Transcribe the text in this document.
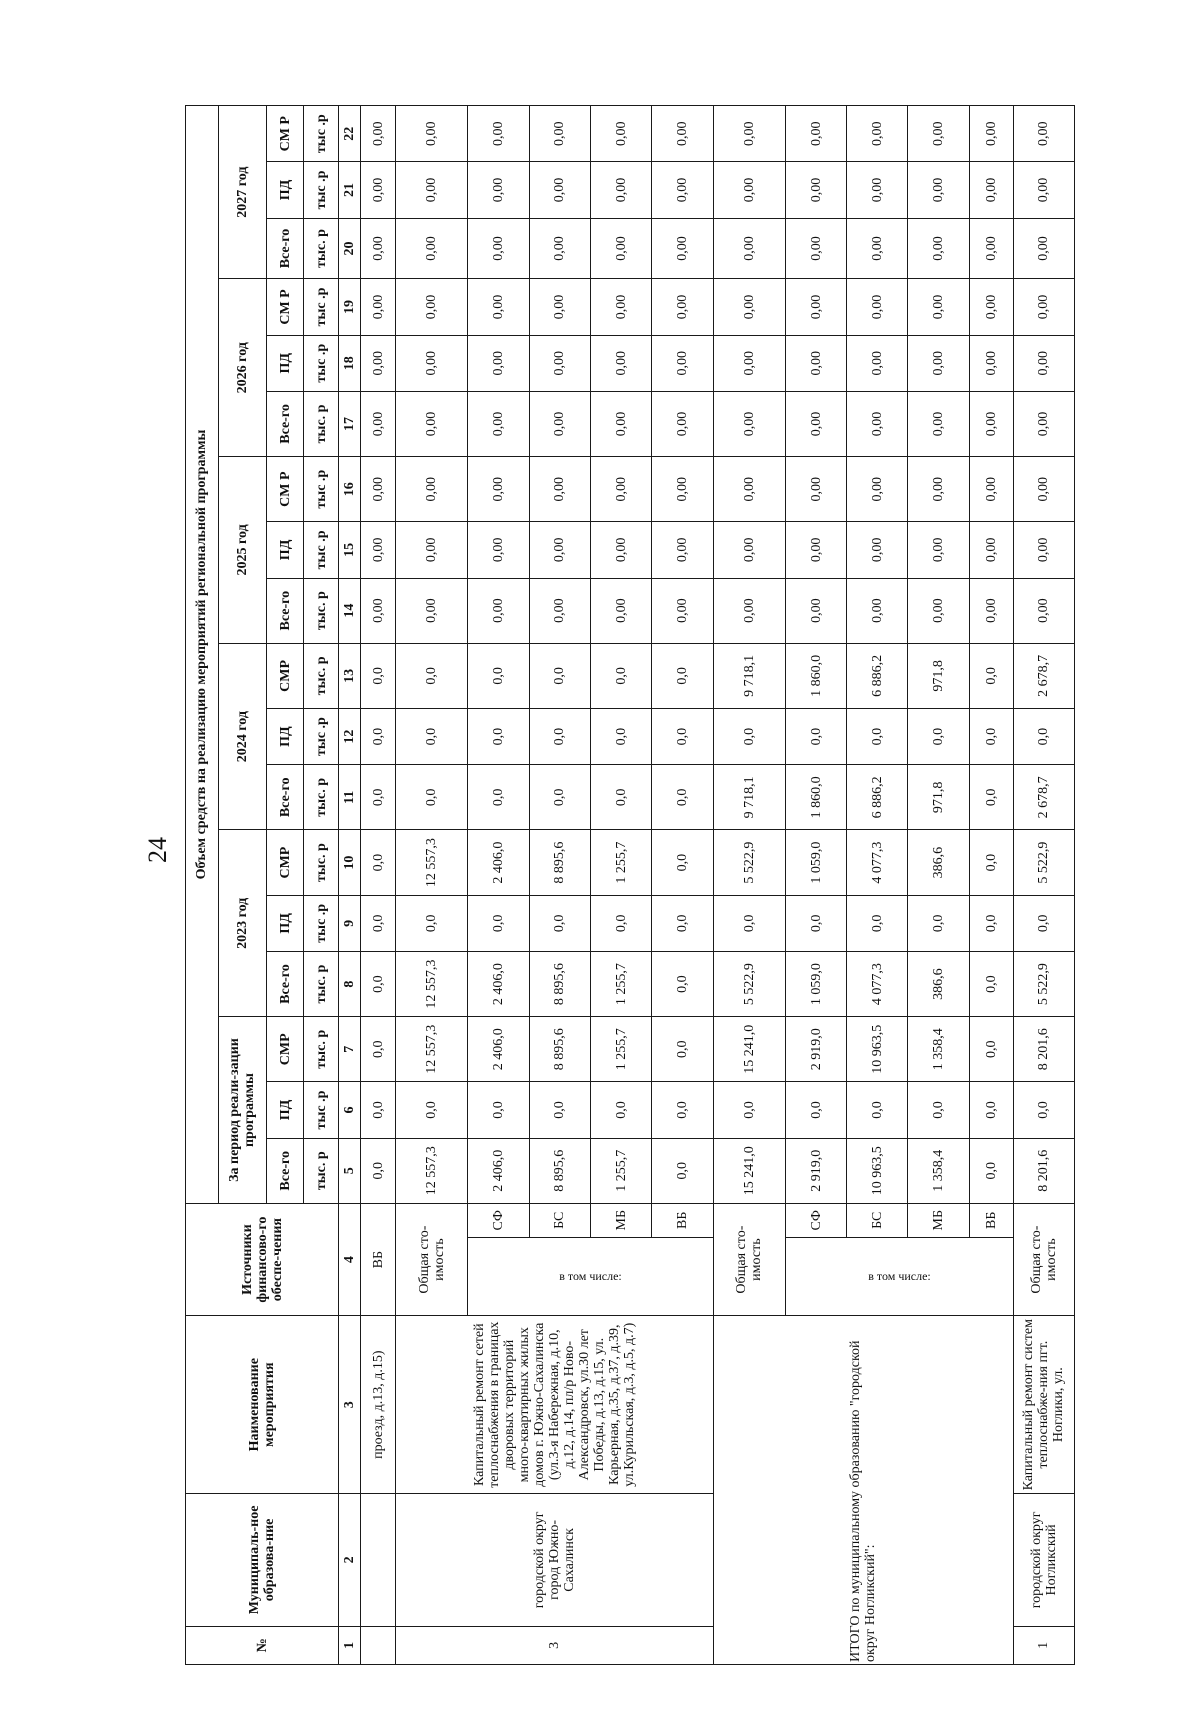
24
№	Муниципаль-ное образова-ние	Наименование мероприятия	Источники финансово-го обеспе-чения		Объем средств на реализацию мероприятий региональной программы																	
					За период реали-зации программы			2023 год			2024 год			2025 год			2026 год			2027 год		
					Все-го	ПД	СМР	Все-го	ПД	СМР	Все-го	ПД	СМР	Все-го	ПД	СМ Р	Все-го	ПД	СМ Р	Все-го	ПД	СМ Р
					тыс. р	тыс .р	тыс. р	тыс. р	тыс .р	тыс. р	тыс. р	тыс .р	тыс. р	тыс. р	тыс .р	тыс .р	тыс. р	тыс .р	тыс .р	тыс. р	тыс .р	тыс .р
1	2	3	4		5	6	7	8	9	10	11	12	13	14	15	16	17	18	19	20	21	22
		проезд, д.13, д.15)	ВБ		0,0	0,0	0,0	0,0	0,0	0,0	0,0	0,0	0,0	0,00	0,00	0,00	0,00	0,00	0,00	0,00	0,00	0,00
3	городской округ город Южно-Сахалинск	Капитальный ремонт сетей теплоснабжения в границах дворовых территорий много-квартирных жилых домов г. Южно-Сахалинска (ул.3-я Набережная, д.10, д.12, д.14, пл/р Ново-Александровск, ул.30 лет Победы, д.13, д.15, ул. Карьерная, д.35, д.37, д.39, ул.Курильская, д.3, д.5, д.7)	Общая сто-имость		12 557,3	0,0	12 557,3	12 557,3	0,0	12 557,3	0,0	0,0	0,0	0,00	0,00	0,00	0,00	0,00	0,00	0,00	0,00	0,00
			в том числе:	СФ	2 406,0	0,0	2 406,0	2 406,0	0,0	2 406,0	0,0	0,0	0,0	0,00	0,00	0,00	0,00	0,00	0,00	0,00	0,00	0,00
				БС	8 895,6	0,0	8 895,6	8 895,6	0,0	8 895,6	0,0	0,0	0,0	0,00	0,00	0,00	0,00	0,00	0,00	0,00	0,00	0,00
				МБ	1 255,7	0,0	1 255,7	1 255,7	0,0	1 255,7	0,0	0,0	0,0	0,00	0,00	0,00	0,00	0,00	0,00	0,00	0,00	0,00
				ВБ	0,0	0,0	0,0	0,0	0,0	0,0	0,0	0,0	0,0	0,00	0,00	0,00	0,00	0,00	0,00	0,00	0,00	0,00
ИТОГО по муниципальному образованию "городской округ Ногликский":			Общая сто-имость		15 241,0	0,0	15 241,0	5 522,9	0,0	5 522,9	9 718,1	0,0	9 718,1	0,00	0,00	0,00	0,00	0,00	0,00	0,00	0,00	0,00
			в том числе:	СФ	2 919,0	0,0	2 919,0	1 059,0	0,0	1 059,0	1 860,0	0,0	1 860,0	0,00	0,00	0,00	0,00	0,00	0,00	0,00	0,00	0,00
				БС	10 963,5	0,0	10 963,5	4 077,3	0,0	4 077,3	6 886,2	0,0	6 886,2	0,00	0,00	0,00	0,00	0,00	0,00	0,00	0,00	0,00
				МБ	1 358,4	0,0	1 358,4	386,6	0,0	386,6	971,8	0,0	971,8	0,00	0,00	0,00	0,00	0,00	0,00	0,00	0,00	0,00
				ВБ	0,0	0,0	0,0	0,0	0,0	0,0	0,0	0,0	0,0	0,00	0,00	0,00	0,00	0,00	0,00	0,00	0,00	0,00
1	городской округ Ногликский	Капитальный ремонт систем теплоснабже-ния пгт. Ноглики, ул.	Общая сто-имость		8 201,6	0,0	8 201,6	5 522,9	0,0	5 522,9	2 678,7	0,0	2 678,7	0,00	0,00	0,00	0,00	0,00	0,00	0,00	0,00	0,00
